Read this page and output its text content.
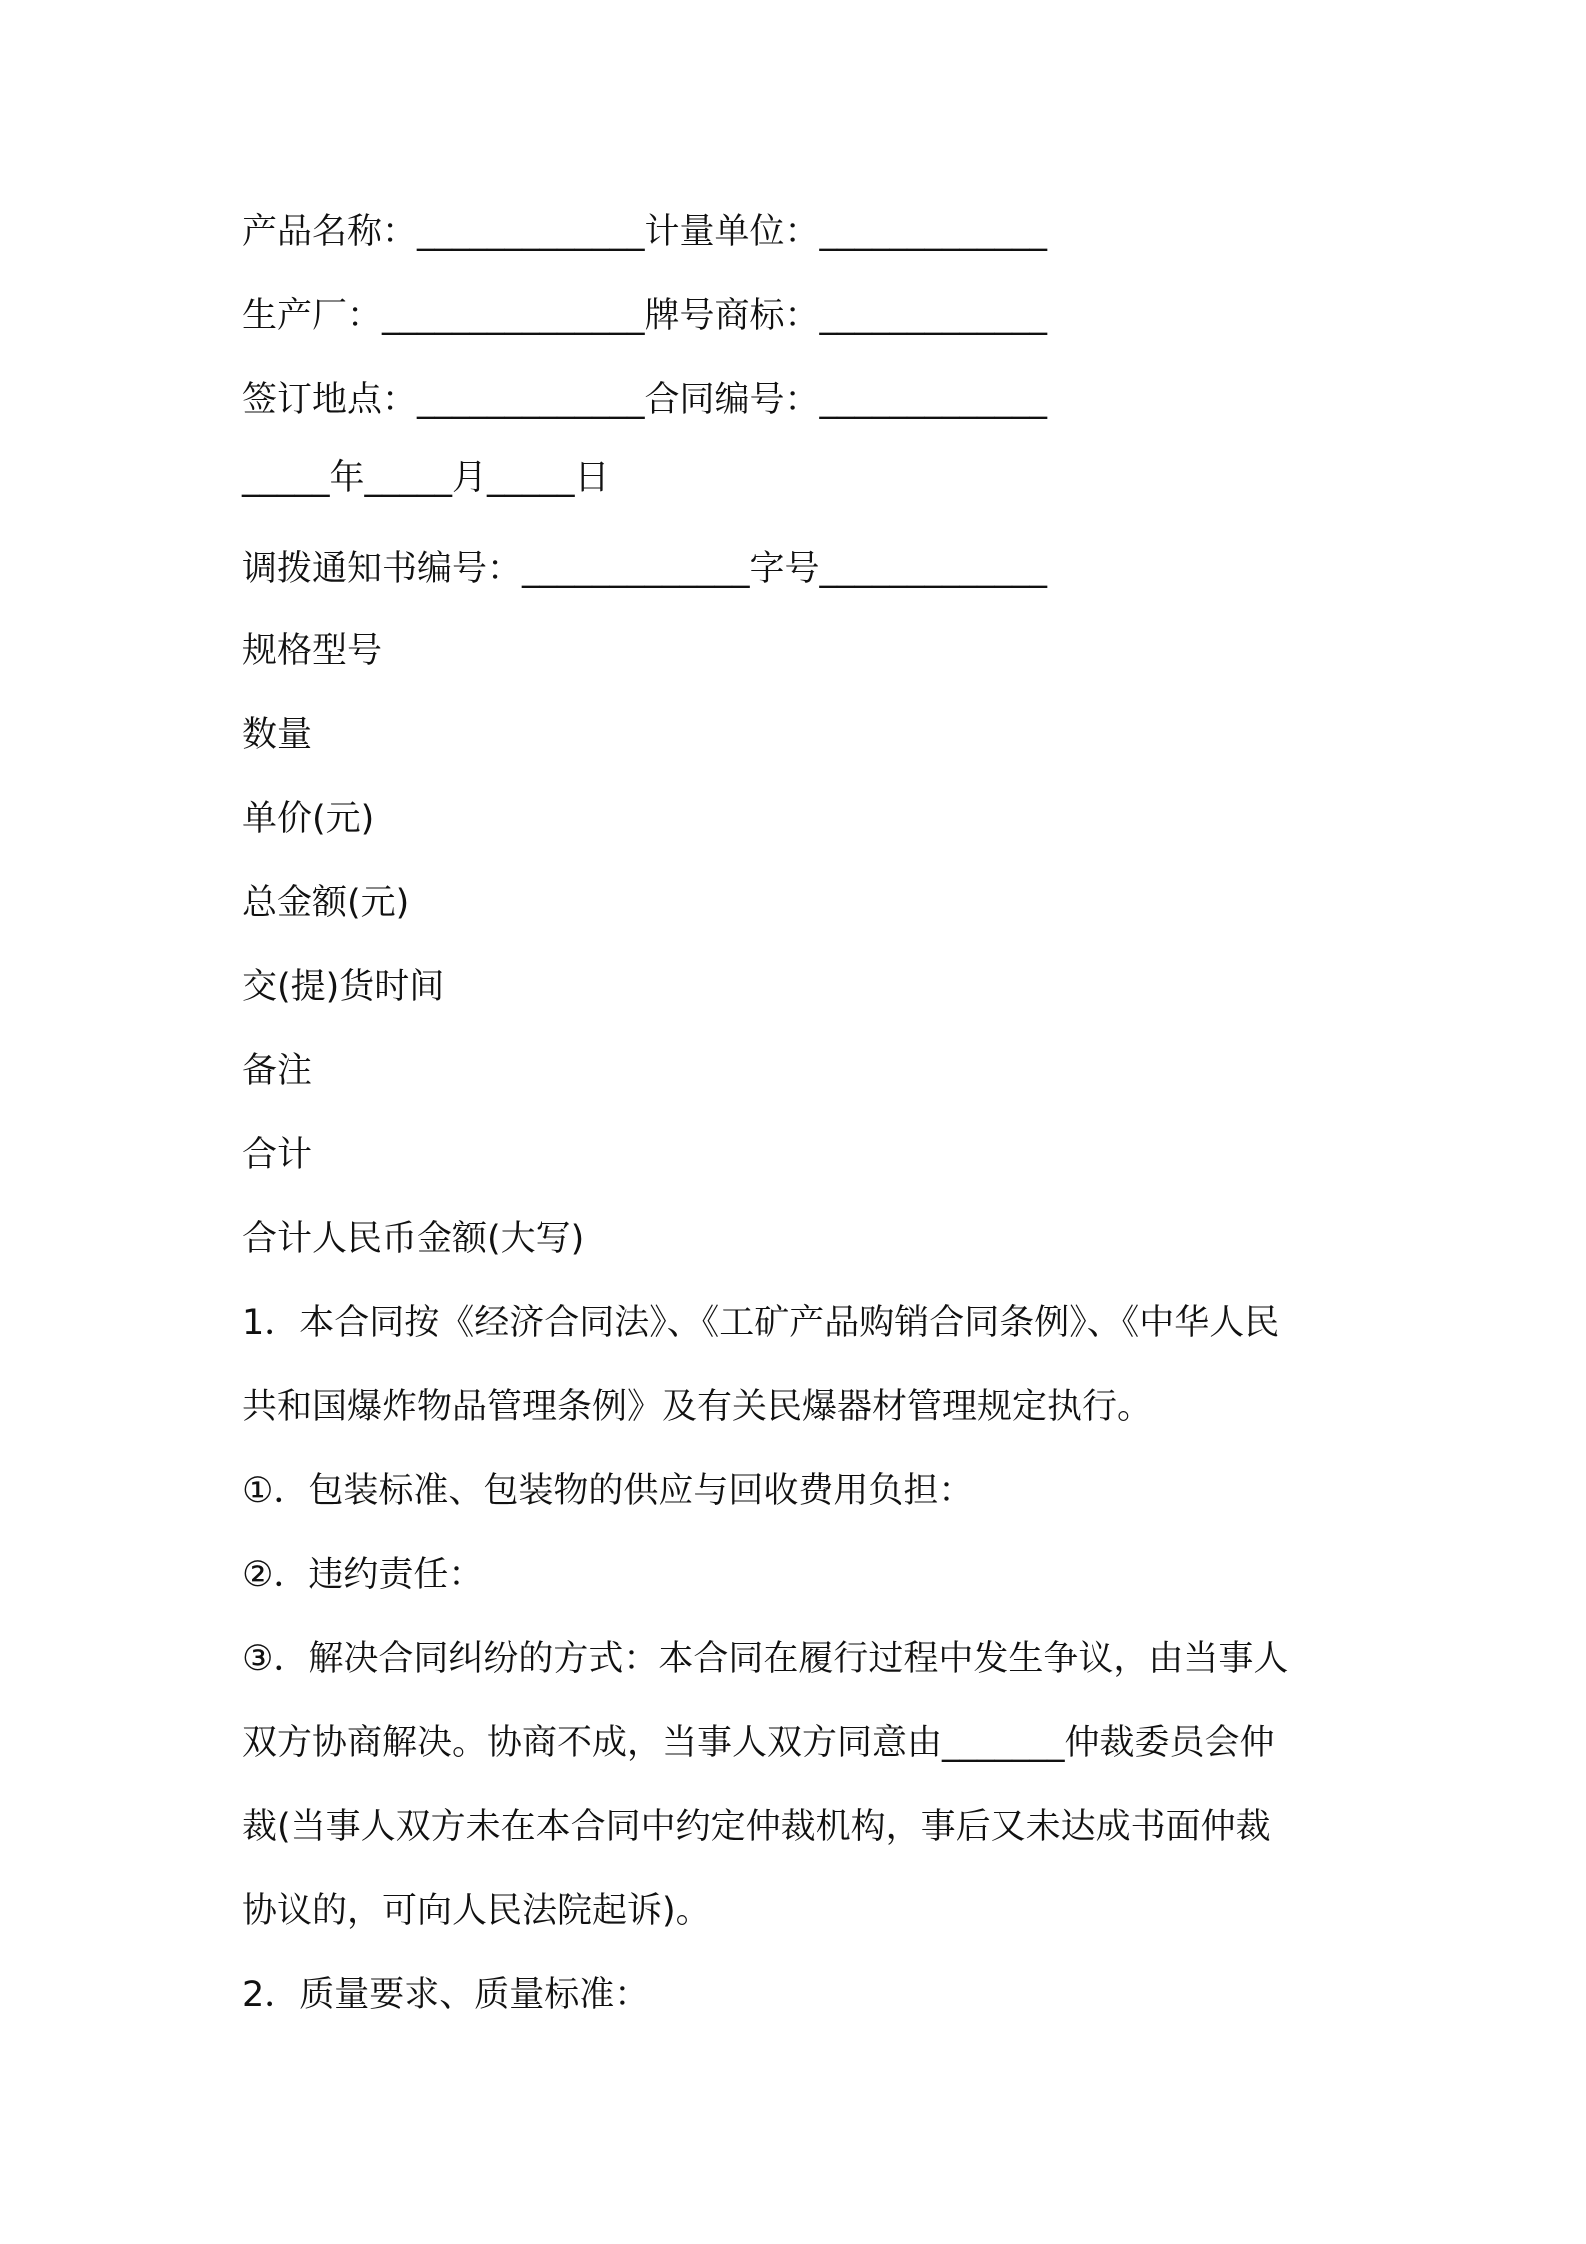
产品名称：_____________计量单位：_____________
生产厂：_______________牌号商标：_____________
签订地点：_____________合同编号：_____________
_____年_____月_____日
调拨通知书编号：_____________字号_____________
规格型号
数量
单价(元)
总金额(元)
交(提)货时间
备注
合计
合计人民币金额(大写)
1．本合同按《经济合同法》、《工矿产品购销合同条例》、《中华人民
共和国爆炸物品管理条例》及有关民爆器材管理规定执行。
①．包装标准、包装物的供应与回收费用负担：
②．违约责任：
③．解决合同纠纷的方式：本合同在履行过程中发生争议，由当事人
双方协商解决。协商不成，当事人双方同意由_______仲裁委员会仲
裁(当事人双方未在本合同中约定仲裁机构，事后又未达成书面仲裁
协议的，可向人民法院起诉)。
2．质量要求、质量标准：
